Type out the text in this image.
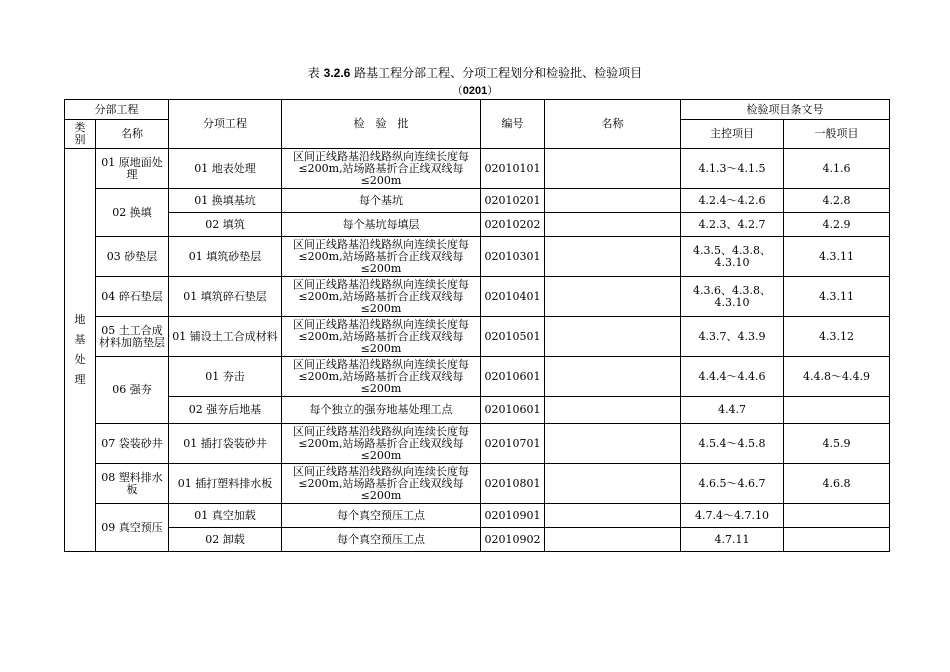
表 3.2.6 路基工程分部工程、分项工程划分和检验批、检验项目
（0201）
分部工程		分项工程	检　验　批	编号	名称	检验项目条文号	

类别	名称					主控项目	一般项目

地
基
处
理	01 原地面处理	01 地表处理	区间正线路基沿线路纵向连续长度每≤200m,站场路基折合正线双线每≤200m	02010101		4.1.3～4.1.5	4.1.6
	02 换填	01 换填基坑	每个基坑	02010201		4.2.4～4.2.6	4.2.8
		02 填筑	每个基坑每填层	02010202		4.2.3、4.2.7	4.2.9
	03 砂垫层	01 填筑砂垫层	区间正线路基沿线路纵向连续长度每≤200m,站场路基折合正线双线每≤200m	02010301		4.3.5、4.3.8、4.3.10	4.3.11
	04 碎石垫层	01 填筑碎石垫层	区间正线路基沿线路纵向连续长度每≤200m,站场路基折合正线双线每≤200m	02010401		4.3.6、4.3.8、4.3.10	4.3.11
	05 土工合成材料加筋垫层	01 铺设土工合成材料	区间正线路基沿线路纵向连续长度每≤200m,站场路基折合正线双线每≤200m	02010501		4.3.7、4.3.9	4.3.12
	06 强夯	01 夯击	区间正线路基沿线路纵向连续长度每≤200m,站场路基折合正线双线每≤200m	02010601		4.4.4～4.4.6	4.4.8～4.4.9
		02 强夯后地基	每个独立的强夯地基处理工点	02010601		4.4.7	
	07 袋装砂井	01 插打袋装砂井	区间正线路基沿线路纵向连续长度每≤200m,站场路基折合正线双线每≤200m	02010701		4.5.4～4.5.8	4.5.9
	08 塑料排水板	01 插打塑料排水板	区间正线路基沿线路纵向连续长度每≤200m,站场路基折合正线双线每≤200m	02010801		4.6.5～4.6.7	4.6.8
	09 真空预压	01 真空加载	每个真空预压工点	02010901		4.7.4～4.7.10	
		02 卸载	每个真空预压工点	02010902		4.7.11	
